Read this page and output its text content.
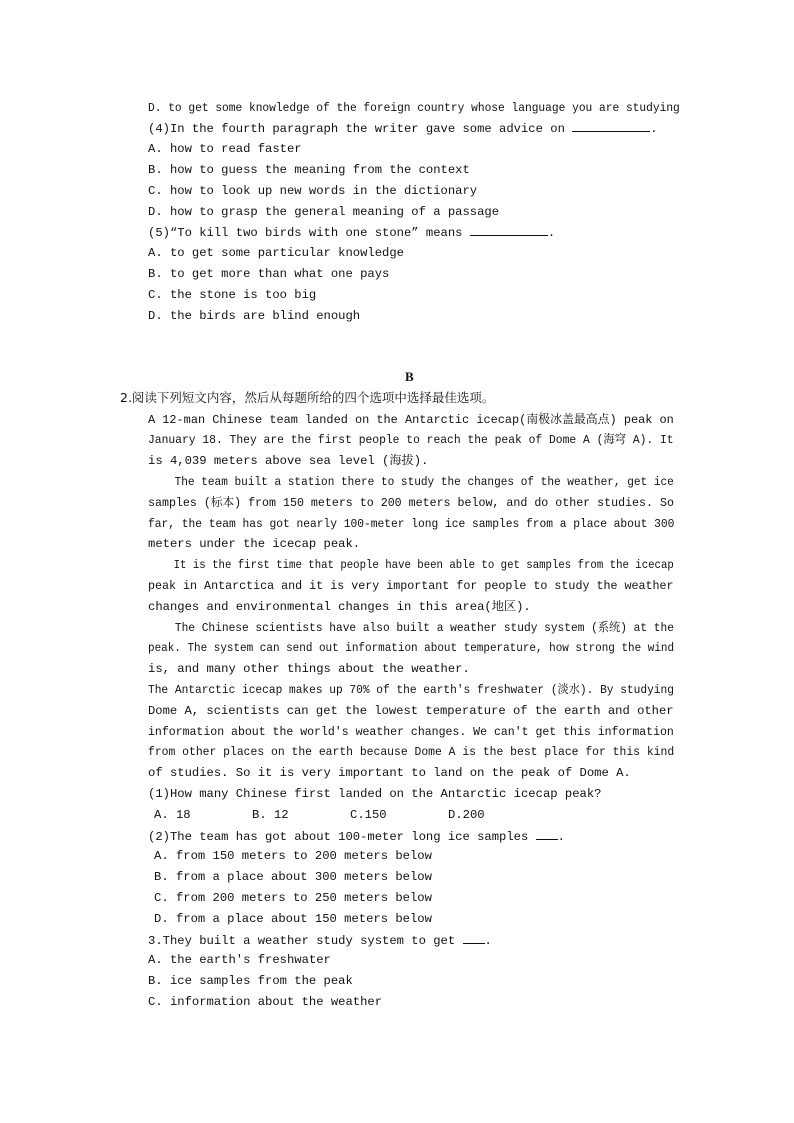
D. to get some knowledge of the foreign country whose language you are studying
(4)In the fourth paragraph the writer gave some advice on	.
A. how to read faster
B. how to guess the meaning from the context
C. how to look up new words in the dictionary
D. how to grasp the general meaning of a passage
(5)“To kill two birds with one stone” means	.
A. to get some particular knowledge
B. to get more than what one pays
C. the stone is too big
D. the birds are blind enough
B
2.阅读下列短文内容，然后从每题所给的四个选项中选择最佳选项。
A 12-man Chinese team landed on the Antarctic icecap(南极冰盖最高点) peak on
January 18. They are the first people to reach the peak of Dome A (海穹 A). It
is 4,039 meters above sea level (海拔).
The team built a station there to study the changes of the weather, get ice
samples (标本) from 150 meters to 200 meters below, and do other studies. So
far, the team has got nearly 100-meter long ice samples from a place about 300
meters under the icecap peak.
It is the first time that people have been able to get samples from the icecap
peak in Antarctica and it is very important for people to study the weather
changes and environmental changes in this area(地区).
The Chinese scientists have also built a weather study system (系统) at the
peak. The system can send out information about temperature, how strong the wind
is, and many other things about the weather.
The Antarctic icecap makes up 70% of the earth's freshwater (淡水). By studying
Dome A, scientists can get the lowest temperature of the earth and other
information about the world's weather changes. We can't get this information
from other places on the earth because Dome A is the best place for this kind
of studies. So it is very important to land on the peak of Dome A.
(1)How many Chinese first landed on the Antarctic icecap peak?
A. 18	B. 12	C.150	D.200
(2)The team has got about 100-meter long ice samples .
A. from 150 meters to 200 meters below
B. from a place about 300 meters below
C. from 200 meters to 250 meters below
D. from a place about 150 meters below
3.They built a weather study system to get .
A. the earth's freshwater
B. ice samples from the peak
C. information about the weather
